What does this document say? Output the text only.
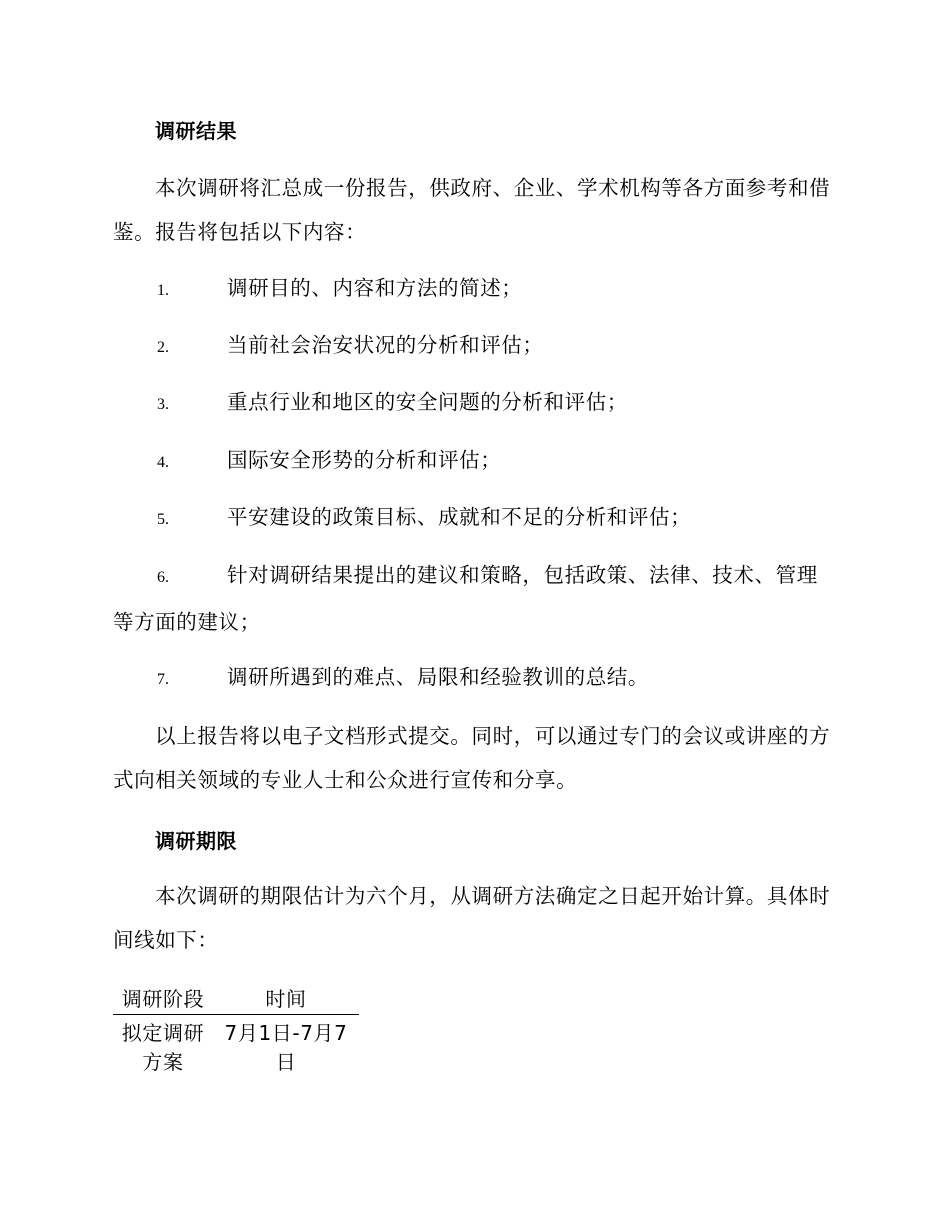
调研结果
本次调研将汇总成一份报告，供政府、企业、学术机构等各方面参考和借鉴。报告将包括以下内容：
1.	调研目的、内容和方法的简述；
2.	当前社会治安状况的分析和评估；
3.	重点行业和地区的安全问题的分析和评估；
4.	国际安全形势的分析和评估；
5.	平安建设的政策目标、成就和不足的分析和评估；
6.	针对调研结果提出的建议和策略，包括政策、法律、技术、管理等方面的建议；
7.	调研所遇到的难点、局限和经验教训的总结。
以上报告将以电子文档形式提交。同时，可以通过专门的会议或讲座的方式向相关领域的专业人士和公众进行宣传和分享。
调研期限
本次调研的期限估计为六个月，从调研方法确定之日起开始计算。具体时间线如下：
调研阶段	时间

拟定调研方案	7月1日-7月7日
